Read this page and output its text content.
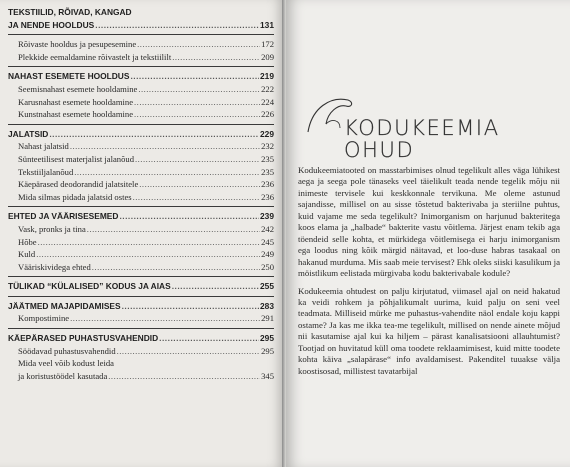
TEKSTIILID, RÕIVAD, KANGAD
JA NENDE HOOLDUS .....	131
Rõivaste hooldus ja pesupesemine .....	172
Plekkide eemaldamine rõivastelt ja tekstiililt .....	209
NAHAST ESEMETE HOOLDUS .....	219
Seemisnahast esemete hooldamine .....	222
Karusnahast esemete hooldamine .....	224
Kunstnahast esemete hooldamine .....	226
JALATSID .....	229
Nahast jalatsid .....	232
Sünteetilisest materjalist jalanõud .....	235
Tekstiiljalanõud .....	235
Käepärased deodorandid jalatsitele .....	236
Mida silmas pidada jalatsid ostes .....	236
EHTED JA VÄÄRISESEMED .....	239
Vask, pronks ja tina .....	242
Hõbe .....	245
Kuld .....	249
Vääriskividega ehted .....	250
TÜLIKAD “KÜLALISED” KODUS JA AIAS .....	255
JÄÄTMED MAJAPIDAMISES .....	283
Kompostimine .....	291
KÄEPÄRASED PUHASTUSVAHENDID .....	295
Söödavad puhastusvahendid .....	295
Mida veel võib kodust leida
ja koristustöödel kasutada .....	345
KODUKEEMIA
OHUD

Kodukeemiatooted on masstarbimises olnud tegelikult alles väga lühikest aega ja seega pole tänaseks veel täielikult teada nende tegelik mõju nii inimeste tervisele kui keskkonnale tervikuna. Me oleme astunud sajandisse, millisel on au sisse tõstetud bakterivaba ja steriilne puhtus, kuid vajame me seda tegelikult? Inimorganism on harjunud bakteritega koos elama ja „halbade“ bakterite vastu võitlema. Järjest enam tekib aga töendeid selle kohta, et mürkidega võitlemisega ei harju inimorganism ega loodus ning kõik märgid näitavad, et loo-duse habras tasakaal on hakanud murduma. Mis saab meie tervisest? Ehk oleks siiski kasulikum ja möistlikum eelistada mürgivaba kodu bakterivabale kodule?

Kodukeemia ohtudest on palju kirjutatud, viimasel ajal on neid hakatud ka veidi rohkem ja põhjalikumalt uurima, kuid palju on seni veel teadmata. Milliseid mürke me puhastus-vahendite näol endale koju kappi ostame? Ja kas me ikka tea-me tegelikult, millised on nende ainete mõjud nii kasutamise ajal kui ka hiljem – pärast kanalisatsiooni allauhtumist? Tootjad on huvitatud küll oma toodete reklaamimisest, kuid mitte toodete kohta käiva „salapärase“ info avaldamisest. Pakenditel tuuakse välja koostisosad, millistest tavatarbijal
